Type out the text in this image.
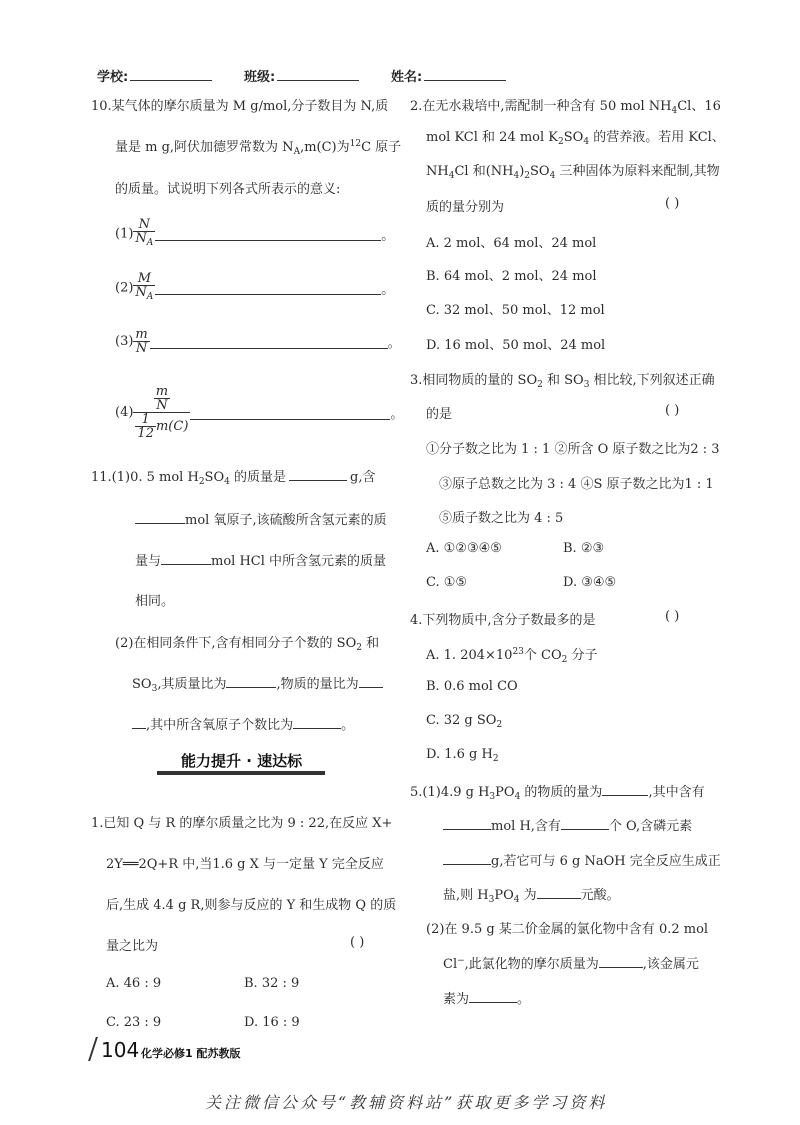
学校:	班级:	姓名:
10.某气体的摩尔质量为 M g/mol,分子数目为 N,质
量是 m g,阿伏加德罗常数为 $N_A,m(C)$为$^{12}$C 原子
的质量。试说明下列各式所表示的意义:
$(1) \frac{N}{N_A}$	。
$(2) \frac{M}{N_A}$	。
$(3) \frac{m}{N}$	。
$(4) \frac{\frac{m}{N}}{\frac{1}{12} m(C)}$	。
11.(1)0. 5 mol $H_2SO_4$ 的质量是	g,含
mol 氧原子,该硫酸所含氢元素的质
量与	mol HCl 中所含氢元素的质量
相同。
(2)在相同条件下,含有相同分子个数的 $SO_2$ 和
$SO_3$,其质量比为	,物质的量比为
,其中所含氧原子个数比为	。
能力提升 · 速达标
1.已知 Q 与 R 的摩尔质量之比为 9 : 22,在反应 X+
2Y══2Q+R 中,当1.6 g X 与一定量 Y 完全反应
后,生成 4.4 g R,则参与反应的 Y 和生成物 Q 的质
量之比为	( )
A. 46 : 9	B. 32 : 9
C. 23 : 9	D. 16 : 9
2.在无水栽培中,需配制一种含有 50 mol $NH_4Cl$、16
mol KCl 和 24 mol $K_2SO_4$ 的营养液。若用 KCl、
$NH_4Cl$ 和$(NH_4)_2SO_4$ 三种固体为原料来配制,其物
质的量分别为	( )
A. 2 mol、64 mol、24 mol
B. 64 mol、2 mol、24 mol
C. 32 mol、50 mol、12 mol
D. 16 mol、50 mol、24 mol
3.相同物质的量的 $SO_2$ 和 $SO_3$ 相比较,下列叙述正确
的是	( )
①分子数之比为 1 : 1 ②所含 O 原子数之比为2 : 3
③原子总数之比为 3 : 4 ④S 原子数之比为1 : 1
⑤质子数之比为 4 : 5
A. ①②③④⑤	B. ②③
C. ①⑤	D. ③④⑤
4.下列物质中,含分子数最多的是	( )
A. 1. $204\times 10^{23}$个 $CO_2$ 分子
B. 0.6 mol CO
C. 32 g $SO_2$
D. 1.6 g $H_2$
5.(1)4.9 g $H_3PO_4$ 的物质的量为	,其中含有
mol H,含有	个 O,含磷元素
g,若它可与 6 g NaOH 完全反应生成正
盐,则 $H_3PO_4$ 为	元酸。
(2)在 9.5 g 某二价金属的氯化物中含有 0.2 mol
Cl−,此氯化物的摩尔质量为	,该金属元
素为	。
104 化学必修1 配苏教版
关注微信公众号“教辅资料站”获取更多学习资料
